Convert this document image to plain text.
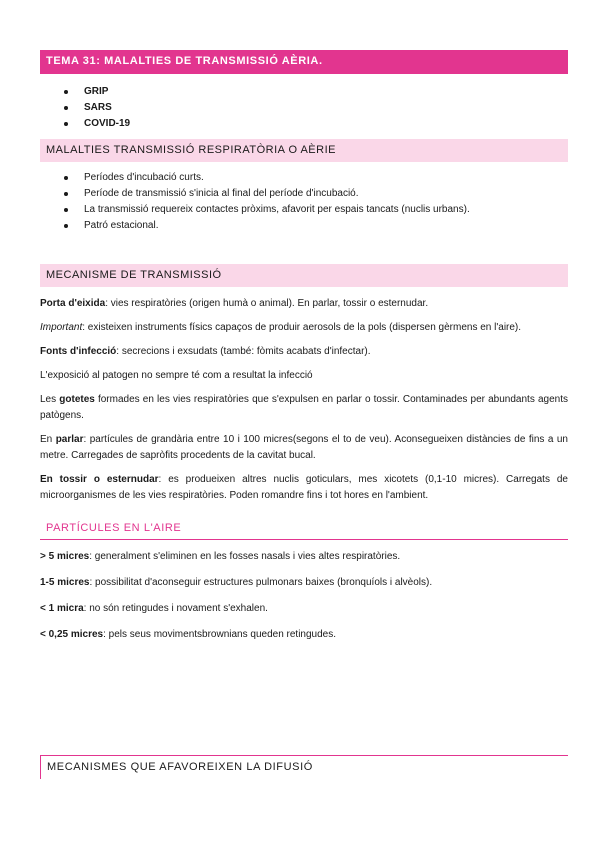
TEMA 31: MALALTIES DE TRANSMISSIÓ AÈRIA.
GRIP
SARS
COVID-19
MALALTIES TRANSMISSIÓ RESPIRATÒRIA O AÈRIE
Períodes d'incubació curts.
Període de transmissió s'inicia al final del període d'incubació.
La transmissió requereix contactes pròxims, afavorit per espais tancats (nuclis urbans).
Patró estacional.
MECANISME DE TRANSMISSIÓ

Porta d'eixida: vies respiratòries (origen humà o animal). En parlar, tossir o esternudar.

Important: existeixen instruments físics capaços de produir aerosols de la pols (dispersen gèrmens en l'aire).

Fonts d'infecció: secrecions i exsudats (també: fòmits acabats d'infectar).

L'exposició al patogen no sempre té com a resultat la infecció

Les gotetes formades en les vies respiratòries que s'expulsen en parlar o tossir. Contaminades per abundants agents patògens.

En parlar: partícules de grandària entre 10 i 100 micres(segons el to de veu). Aconsegueixen distàncies de fins a un metre. Carregades de sapròfits procedents de la cavitat bucal.

En tossir o esternudar: es produeixen altres nuclis goticulars, mes xicotets (0,1-10 micres). Carregats de microorganismes de les vies respiratòries. Poden romandre fins i tot hores en l'ambient.

PARTÍCULES EN L'AIRE

> 5 micres: generalment s'eliminen en les fosses nasals i vies altes respiratòries.

1-5 micres: possibilitat d'aconseguir estructures pulmonars baixes (bronquíols i alvèols).

< 1 micra: no són retingudes i novament s'exhalen.

< 0,25 micres: pels seus movimentsbrownians queden retingudes.

MECANISMES QUE AFAVOREIXEN LA DIFUSIÓ
